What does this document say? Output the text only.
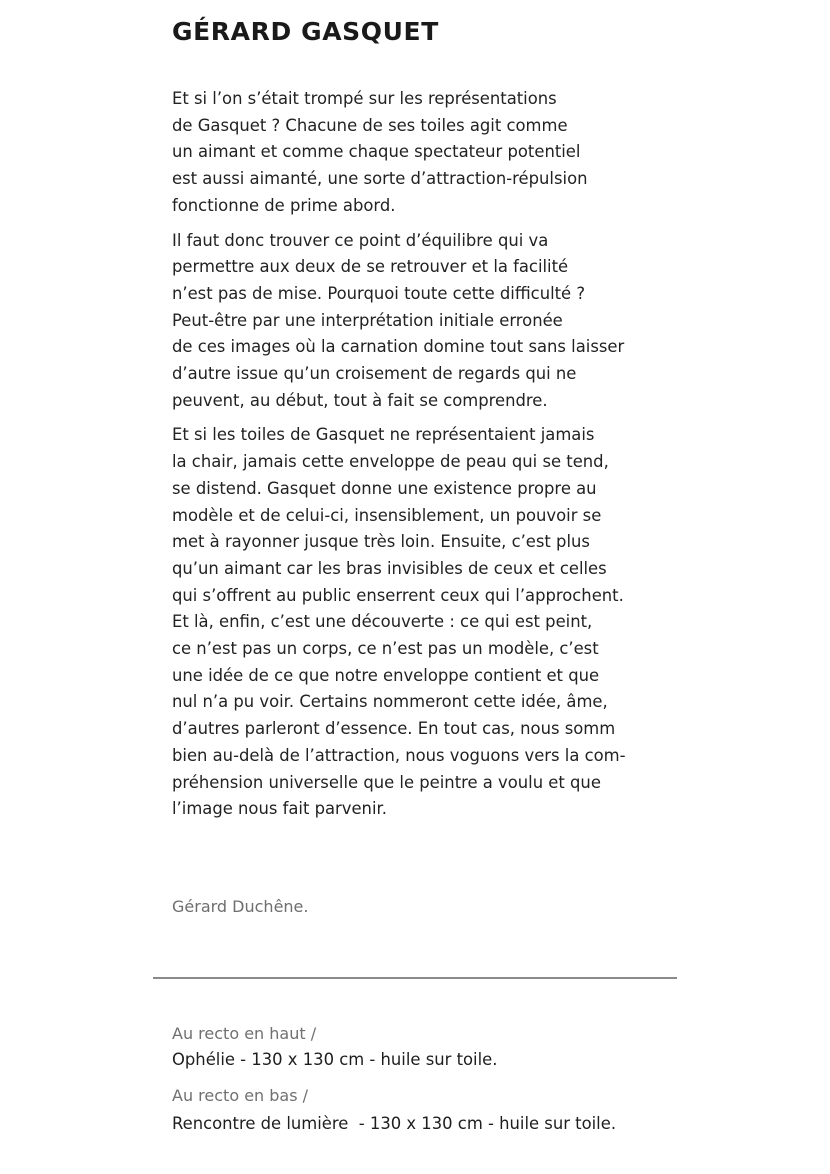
GÉRARD GASQUET

Et si l’on s’était trompé sur les représentations
de Gasquet ? Chacune de ses toiles agit comme
un aimant et comme chaque spectateur potentiel
est aussi aimanté, une sorte d’attraction-répulsion
fonctionne de prime abord.

Il faut donc trouver ce point d’équilibre qui va
permettre aux deux de se retrouver et la facilité
n’est pas de mise. Pourquoi toute cette difficulté ?
Peut-être par une interprétation initiale erronée
de ces images où la carnation domine tout sans laisser
d’autre issue qu’un croisement de regards qui ne
peuvent, au début, tout à fait se comprendre.

Et si les toiles de Gasquet ne représentaient jamais
la chair, jamais cette enveloppe de peau qui se tend,
se distend. Gasquet donne une existence propre au
modèle et de celui-ci, insensiblement, un pouvoir se
met à rayonner jusque très loin. Ensuite, c’est plus
qu’un aimant car les bras invisibles de ceux et celles
qui s’offrent au public enserrent ceux qui l’approchent.
Et là, enfin, c’est une découverte : ce qui est peint,
ce n’est pas un corps, ce n’est pas un modèle, c’est
une idée de ce que notre enveloppe contient et que
nul n’a pu voir. Certains nommeront cette idée, âme,
d’autres parleront d’essence. En tout cas, nous somm
bien au-delà de l’attraction, nous voguons vers la com-
préhension universelle que le peintre a voulu et que
l’image nous fait parvenir.

Gérard Duchêne.
Au recto en haut /
Ophélie - 130 x 130 cm - huile sur toile.
Au recto en bas /
Rencontre de lumière  - 130 x 130 cm - huile sur toile.
